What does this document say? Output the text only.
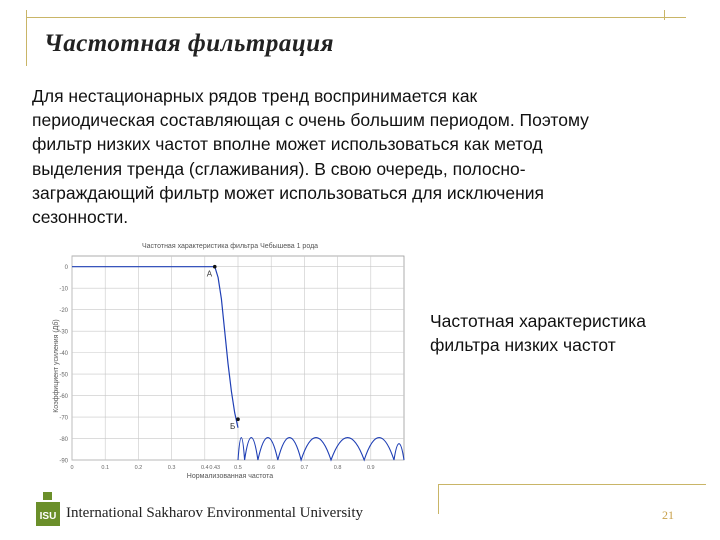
Частотная фильтрация
Для нестационарных рядов тренд воспринимается как
периодическая составляющая с очень большим периодом. Поэтому
фильтр низких частот вполне может использоваться как метод
выделения тренда (сглаживания). В свою очередь, полосно-
заграждающий фильтр может использоваться для исключения
сезонности.
Частотная характеристика фильтра Чебышева 1 рода
Коэффициент усиления (Дб)
Нормализованная частота
0
-10
-20
-30
-40
-50
-60
-70
-80
-90
0	0.1	0.2	0.3	0.4 0.43	0.5	0.6	0.7	0.8	0.9
A
Б
Частотная характеристика
фильтра низких частот
ISU International Sakharov Environmental University	21
